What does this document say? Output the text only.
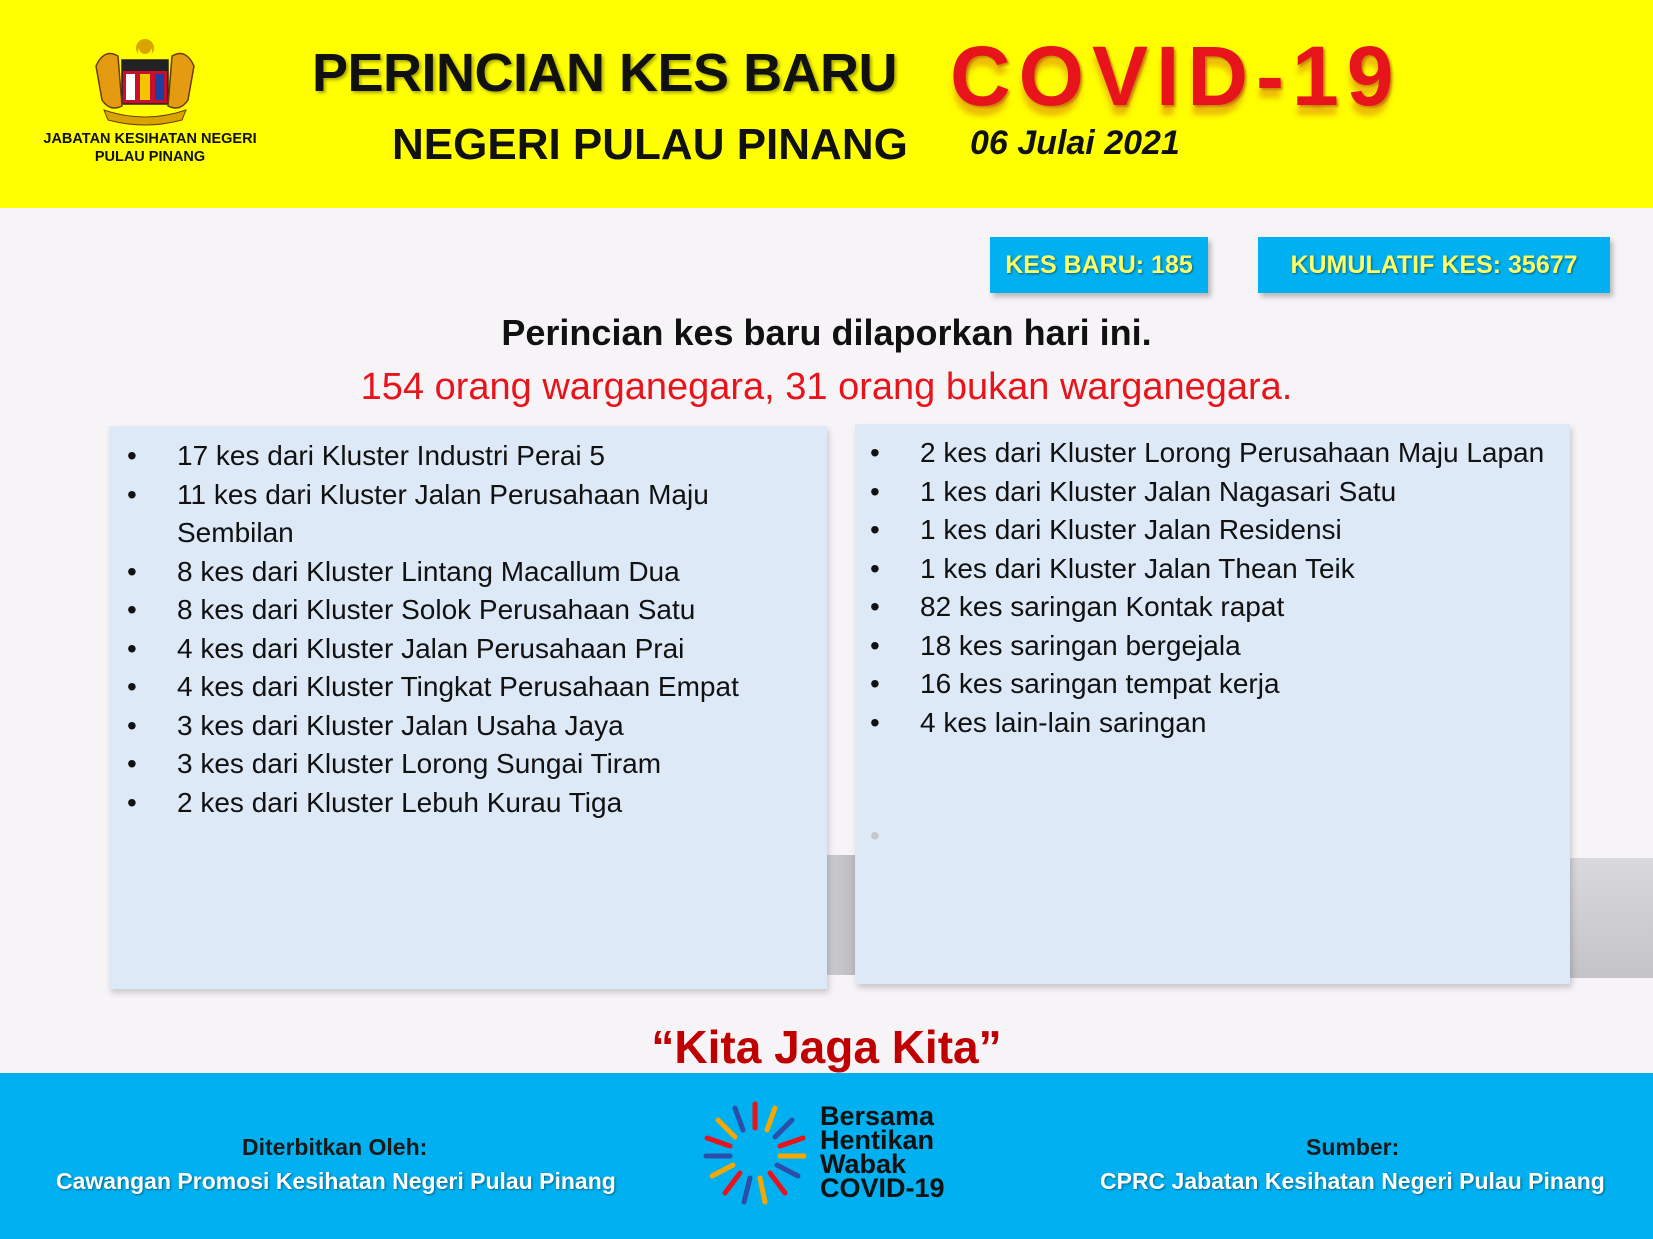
JABATAN KESIHATAN NEGERI PULAU PINANG
PERINCIAN KES BARU COVID-19
NEGERI PULAU PINANG 06 Julai 2021
KES BARU: 185	KUMULATIF KES: 35677
Perincian kes baru dilaporkan hari ini.
154 orang warganegara, 31 orang bukan warganegara.
• 17 kes dari Kluster Industri Perai 5
• 11 kes dari Kluster Jalan Perusahaan Maju Sembilan
• 8 kes dari Kluster Lintang Macallum Dua
• 8 kes dari Kluster Solok Perusahaan Satu
• 4 kes dari Kluster Jalan Perusahaan Prai
• 4 kes dari Kluster Tingkat Perusahaan Empat
• 3 kes dari Kluster Jalan Usaha Jaya
• 3 kes dari Kluster Lorong Sungai Tiram
• 2 kes dari Kluster Lebuh Kurau Tiga
• 2 kes dari Kluster Lorong Perusahaan Maju Lapan
• 1 kes dari Kluster Jalan Nagasari Satu
• 1 kes dari Kluster Jalan Residensi
• 1 kes dari Kluster Jalan Thean Teik
• 82 kes saringan Kontak rapat
• 18 kes saringan bergejala
• 16 kes saringan tempat kerja
• 4 kes lain-lain saringan
•
“Kita Jaga Kita”
Diterbitkan Oleh:
Cawangan Promosi Kesihatan Negeri Pulau Pinang
Bersama
Hentikan
Wabak
COVID-19
Sumber:
CPRC Jabatan Kesihatan Negeri Pulau Pinang
